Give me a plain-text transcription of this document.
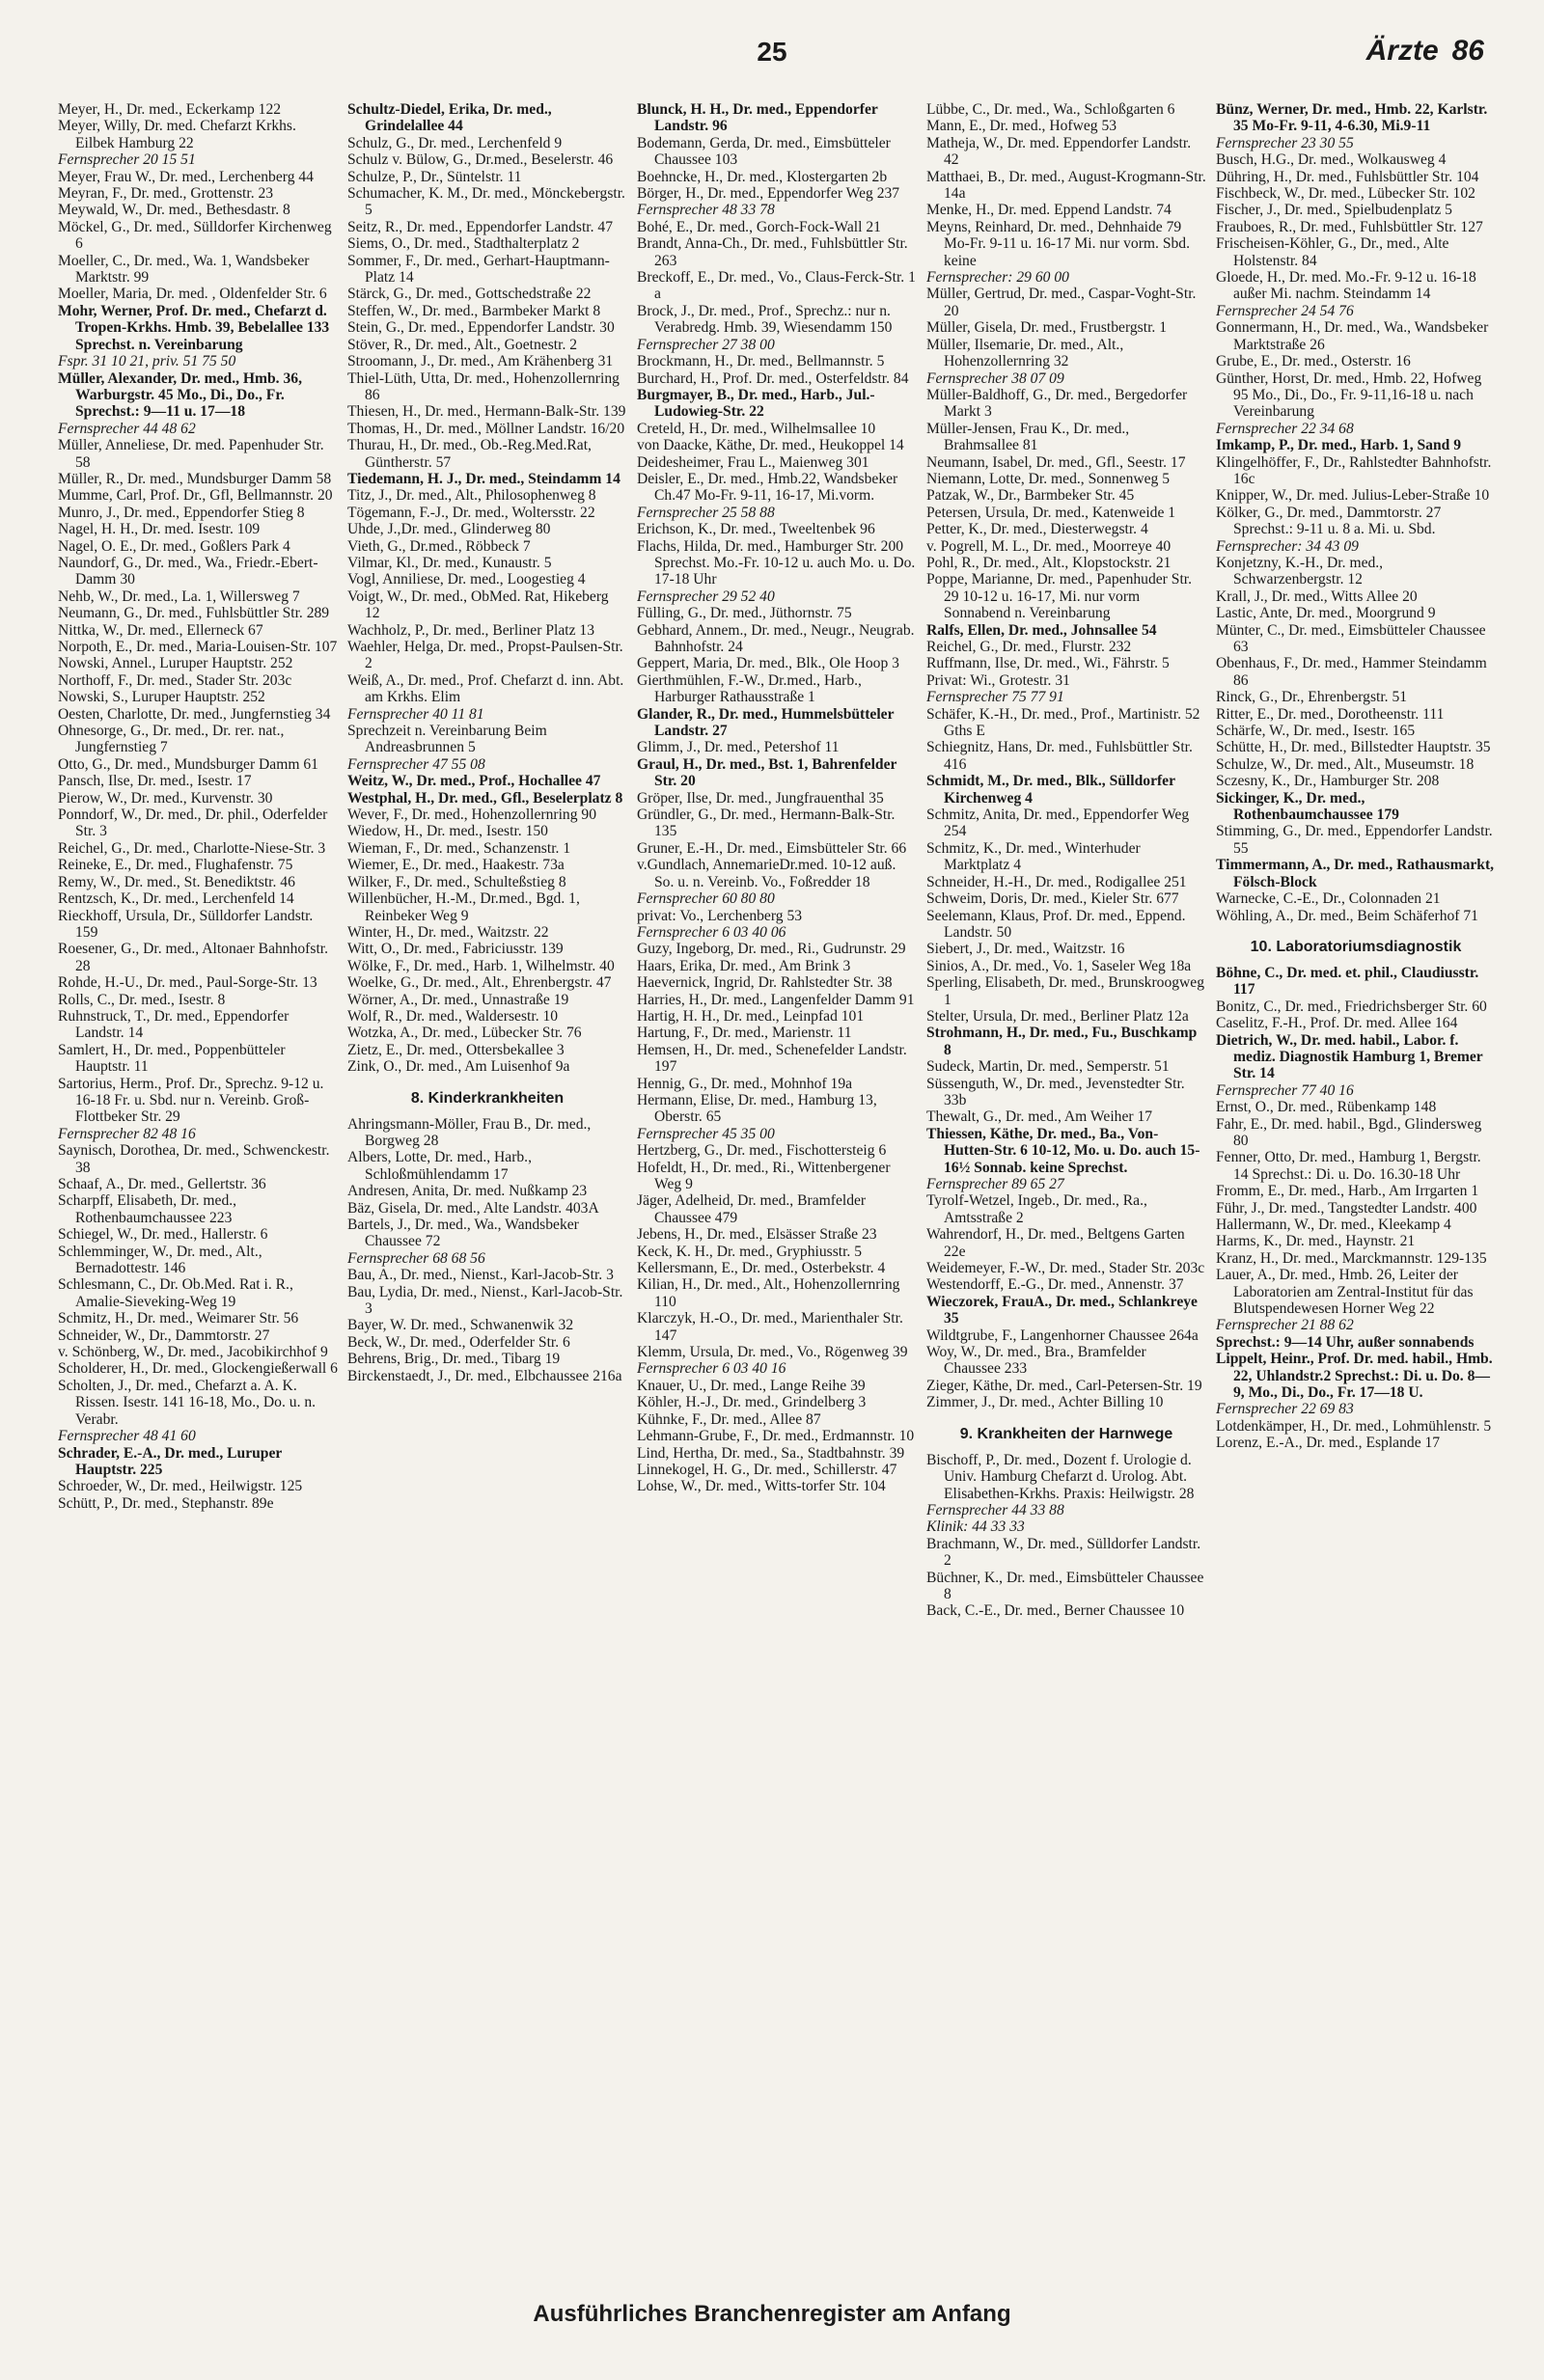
25	Ärzte 86

Meyer, H., Dr. med., Eckerkamp 122

Meyer, Willy, Dr. med. Chefarzt Krkhs. Eilbek Hamburg 22

Fernsprecher 20 15 51

Meyer, Frau W., Dr. med., Lerchenberg 44

Meyran, F., Dr. med., Grottenstr. 23

Meywald, W., Dr. med., Bethesdastr. 8

Möckel, G., Dr. med., Sülldorfer Kirchenweg 6

Moeller, C., Dr. med., Wa. 1, Wandsbeker Marktstr. 99

Moeller, Maria, Dr. med. , Oldenfelder Str. 6

Mohr, Werner, Prof. Dr. med., Chefarzt d. Tropen-Krkhs. Hmb. 39, Bebelallee 133 Sprechst. n. Vereinbarung

Fspr. 31 10 21, priv. 51 75 50

Müller, Alexander, Dr. med., Hmb. 36, Warburgstr. 45 Mo., Di., Do., Fr. Sprechst.: 9—11 u. 17—18

Fernsprecher 44 48 62

Müller, Anneliese, Dr. med. Papenhuder Str. 58

Müller, R., Dr. med., Mundsburger Damm 58

Mumme, Carl, Prof. Dr., Gfl, Bellmannstr. 20

Munro, J., Dr. med., Eppendorfer Stieg 8

Nagel, H. H., Dr. med. Isestr. 109

Nagel, O. E., Dr. med., Goßlers Park 4

Naundorf, G., Dr. med., Wa., Friedr.-Ebert-Damm 30

Nehb, W., Dr. med., La. 1, Willersweg 7

Neumann, G., Dr. med., Fuhlsbüttler Str. 289

Nittka, W., Dr. med., Ellerneck 67

Norpoth, E., Dr. med., Maria-Louisen-Str. 107

Nowski, Annel., Luruper Hauptstr. 252

Northoff, F., Dr. med., Stader Str. 203c

Nowski, S., Luruper Hauptstr. 252

Oesten, Charlotte, Dr. med., Jungfernstieg 34

Ohnesorge, G., Dr. med., Dr. rer. nat., Jungfernstieg 7

Otto, G., Dr. med., Mundsburger Damm 61

Pansch, Ilse, Dr. med., Isestr. 17

Pierow, W., Dr. med., Kurvenstr. 30

Ponndorf, W., Dr. med., Dr. phil., Oderfelder Str. 3

Reichel, G., Dr. med., Charlotte-Niese-Str. 3

Reineke, E., Dr. med., Flughafenstr. 75

Remy, W., Dr. med., St. Benediktstr. 46

Rentzsch, K., Dr. med., Lerchenfeld 14

Rieckhoff, Ursula, Dr., Sülldorfer Landstr. 159

Roesener, G., Dr. med., Altonaer Bahnhofstr. 28

Rohde, H.-U., Dr. med., Paul-Sorge-Str. 13

Rolls, C., Dr. med., Isestr. 8

Ruhnstruck, T., Dr. med., Eppendorfer Landstr. 14

Samlert, H., Dr. med., Poppenbütteler Hauptstr. 11

Sartorius, Herm., Prof. Dr., Sprechz. 9-12 u. 16-18 Fr. u. Sbd. nur n. Vereinb. Groß-Flottbeker Str. 29

Fernsprecher 82 48 16

Saynisch, Dorothea, Dr. med., Schwenckestr. 38

Schaaf, A., Dr. med., Gellertstr. 36

Scharpff, Elisabeth, Dr. med., Rothenbaumchaussee 223

Schiegel, W., Dr. med., Hallerstr. 6

Schlemminger, W., Dr. med., Alt., Bernadottestr. 146

Schlesmann, C., Dr. Ob.Med. Rat i. R., Amalie-Sieveking-Weg 19

Schmitz, H., Dr. med., Weimarer Str. 56

Schneider, W., Dr., Dammtorstr. 27

v. Schönberg, W., Dr. med., Jacobikirchhof 9

Scholderer, H., Dr. med., Glockengießerwall 6

Scholten, J., Dr. med., Chefarzt a. A. K. Rissen. Isestr. 141 16-18, Mo., Do. u. n. Verabr.

Fernsprecher 48 41 60

Schrader, E.-A., Dr. med., Luruper Hauptstr. 225

Schroeder, W., Dr. med., Heilwigstr. 125

Schütt, P., Dr. med., Stephanstr. 89e

Schultz-Diedel, Erika, Dr. med., Grindelallee 44

Schulz, G., Dr. med., Lerchenfeld 9

Schulz v. Bülow, G., Dr.med., Beselerstr. 46

Schulze, P., Dr., Süntelstr. 11

Schumacher, K. M., Dr. med., Mönckebergstr. 5

Seitz, R., Dr. med., Eppendorfer Landstr. 47

Siems, O., Dr. med., Stadthalterplatz 2

Sommer, F., Dr. med., Gerhart-Hauptmann-Platz 14

Stärck, G., Dr. med., Gottschedstraße 22

Steffen, W., Dr. med., Barmbeker Markt 8

Stein, G., Dr. med., Eppendorfer Landstr. 30

Stöver, R., Dr. med., Alt., Goetnestr. 2

Stroomann, J., Dr. med., Am Krähenberg 31

Thiel-Lüth, Utta, Dr. med., Hohenzollernring 86

Thiesen, H., Dr. med., Hermann-Balk-Str. 139

Thomas, H., Dr. med., Möllner Landstr. 16/20

Thurau, H., Dr. med., Ob.-Reg.Med.Rat, Güntherstr. 57

Tiedemann, H. J., Dr. med., Steindamm 14

Titz, J., Dr. med., Alt., Philosophenweg 8

Tögemann, F.-J., Dr. med., Woltersstr. 22

Uhde, J.,Dr. med., Glinderweg 80

Vieth, G., Dr.med., Röbbeck 7

Vilmar, Kl., Dr. med., Kunaustr. 5

Vogl, Anniliese, Dr. med., Loogestieg 4

Voigt, W., Dr. med., ObMed. Rat, Hikeberg 12

Wachholz, P., Dr. med., Berliner Platz 13

Waehler, Helga, Dr. med., Propst-Paulsen-Str. 2

Weiß, A., Dr. med., Prof. Chefarzt d. inn. Abt. am Krkhs. Elim

Fernsprecher 40 11 81

Sprechzeit n. Vereinbarung Beim Andreasbrunnen 5

Fernsprecher 47 55 08

Weitz, W., Dr. med., Prof., Hochallee 47

Westphal, H., Dr. med., Gfl., Beselerplatz 8

Wever, F., Dr. med., Hohenzollernring 90

Wiedow, H., Dr. med., Isestr. 150

Wieman, F., Dr. med., Schanzenstr. 1

Wiemer, E., Dr. med., Haakestr. 73a

Wilker, F., Dr. med., Schulteßstieg 8

Willenbücher, H.-M., Dr.med., Bgd. 1, Reinbeker Weg 9

Winter, H., Dr. med., Waitzstr. 22

Witt, O., Dr. med., Fabriciusstr. 139

Wölke, F., Dr. med., Harb. 1, Wilhelmstr. 40

Woelke, G., Dr. med., Alt., Ehrenbergstr. 47

Wörner, A., Dr. med., Unnastraße 19

Wolf, R., Dr. med., Waldersestr. 10

Wotzka, A., Dr. med., Lübecker Str. 76

Zietz, E., Dr. med., Ottersbekallee 3

Zink, O., Dr. med., Am Luisenhof 9a

8. Kinderkrankheiten

Ahringsmann-Möller, Frau B., Dr. med., Borgweg 28

Albers, Lotte, Dr. med., Harb., Schloßmühlendamm 17

Andresen, Anita, Dr. med. Nußkamp 23

Bäz, Gisela, Dr. med., Alte Landstr. 403A

Bartels, J., Dr. med., Wa., Wandsbeker Chaussee 72

Fernsprecher 68 68 56

Bau, A., Dr. med., Nienst., Karl-Jacob-Str. 3

Bau, Lydia, Dr. med., Nienst., Karl-Jacob-Str. 3

Bayer, W. Dr. med., Schwanenwik 32

Beck, W., Dr. med., Oderfelder Str. 6

Behrens, Brig., Dr. med., Tibarg 19

Birckenstaedt, J., Dr. med., Elbchaussee 216a

Blunck, H. H., Dr. med., Eppendorfer Landstr. 96

Bodemann, Gerda, Dr. med., Eimsbütteler Chaussee 103

Boehncke, H., Dr. med., Klostergarten 2b

Börger, H., Dr. med., Eppendorfer Weg 237

Fernsprecher 48 33 78

Bohé, E., Dr. med., Gorch-Fock-Wall 21

Brandt, Anna-Ch., Dr. med., Fuhlsbüttler Str. 263

Breckoff, E., Dr. med., Vo., Claus-Ferck-Str. 1 a

Brock, J., Dr. med., Prof., Sprechz.: nur n. Verabredg. Hmb. 39, Wiesendamm 150

Fernsprecher 27 38 00

Brockmann, H., Dr. med., Bellmannstr. 5

Burchard, H., Prof. Dr. med., Osterfeldstr. 84

Burgmayer, B., Dr. med., Harb., Jul.-Ludowieg-Str. 22

Creteld, H., Dr. med., Wilhelmsallee 10

von Daacke, Käthe, Dr. med., Heukoppel 14

Deidesheimer, Frau L., Maienweg 301

Deisler, E., Dr. med., Hmb.22, Wandsbeker Ch.47 Mo-Fr. 9-11, 16-17, Mi.vorm.

Fernsprecher 25 58 88

Erichson, K., Dr. med., Tweeltenbek 96

Flachs, Hilda, Dr. med., Hamburger Str. 200 Sprechst. Mo.-Fr. 10-12 u. auch Mo. u. Do. 17-18 Uhr

Fernsprecher 29 52 40

Fülling, G., Dr. med., Jüthornstr. 75

Gebhard, Annem., Dr. med., Neugr., Neugrab. Bahnhofstr. 24

Geppert, Maria, Dr. med., Blk., Ole Hoop 3

Gierthmühlen, F.-W., Dr.med., Harb., Harburger Rathausstraße 1

Glander, R., Dr. med., Hummelsbütteler Landstr. 27

Glimm, J., Dr. med., Petershof 11

Graul, H., Dr. med., Bst. 1, Bahrenfelder Str. 20

Gröper, Ilse, Dr. med., Jungfrauenthal 35

Gründler, G., Dr. med., Hermann-Balk-Str. 135

Gruner, E.-H., Dr. med., Eimsbütteler Str. 66

v.Gundlach, AnnemarieDr.med. 10-12 auß. So. u. n. Vereinb. Vo., Foßredder 18

Fernsprecher 60 80 80

privat: Vo., Lerchenberg 53

Fernsprecher 6 03 40 06

Guzy, Ingeborg, Dr. med., Ri., Gudrunstr. 29

Haars, Erika, Dr. med., Am Brink 3

Haevernick, Ingrid, Dr. Rahlstedter Str. 38

Harries, H., Dr. med., Langenfelder Damm 91

Hartig, H. H., Dr. med., Leinpfad 101

Hartung, F., Dr. med., Marienstr. 11

Hemsen, H., Dr. med., Schenefelder Landstr. 197

Hennig, G., Dr. med., Mohnhof 19a

Hermann, Elise, Dr. med., Hamburg 13, Oberstr. 65

Fernsprecher 45 35 00

Hertzberg, G., Dr. med., Fischottersteig 6

Hofeldt, H., Dr. med., Ri., Wittenbergener Weg 9

Jäger, Adelheid, Dr. med., Bramfelder Chaussee 479

Jebens, H., Dr. med., Elsässer Straße 23

Keck, K. H., Dr. med., Gryphiusstr. 5

Kellersmann, E., Dr. med., Osterbekstr. 4

Kilian, H., Dr. med., Alt., Hohenzollernring 110

Klarczyk, H.-O., Dr. med., Marienthaler Str. 147

Klemm, Ursula, Dr. med., Vo., Rögenweg 39

Fernsprecher 6 03 40 16

Knauer, U., Dr. med., Lange Reihe 39

Köhler, H.-J., Dr. med., Grindelberg 3

Kühnke, F., Dr. med., Allee 87

Lehmann-Grube, F., Dr. med., Erdmannstr. 10

Lind, Hertha, Dr. med., Sa., Stadtbahnstr. 39

Linnekogel, H. G., Dr. med., Schillerstr. 47

Lohse, W., Dr. med., Witts-torfer Str. 104

Lübbe, C., Dr. med., Wa., Schloßgarten 6

Mann, E., Dr. med., Hofweg 53

Matheja, W., Dr. med. Eppendorfer Landstr. 42

Matthaei, B., Dr. med., August-Krogmann-Str. 14a

Menke, H., Dr. med. Eppend Landstr. 74

Meyns, Reinhard, Dr. med., Dehnhaide 79 Mo-Fr. 9-11 u. 16-17 Mi. nur vorm. Sbd. keine

Fernsprecher: 29 60 00

Müller, Gertrud, Dr. med., Caspar-Voght-Str. 20

Müller, Gisela, Dr. med., Frustbergstr. 1

Müller, Ilsemarie, Dr. med., Alt., Hohenzollernring 32

Fernsprecher 38 07 09

Müller-Baldhoff, G., Dr. med., Bergedorfer Markt 3

Müller-Jensen, Frau K., Dr. med., Brahmsallee 81

Neumann, Isabel, Dr. med., Gfl., Seestr. 17

Niemann, Lotte, Dr. med., Sonnenweg 5

Patzak, W., Dr., Barmbeker Str. 45

Petersen, Ursula, Dr. med., Katenweide 1

Petter, K., Dr. med., Diesterwegstr. 4

v. Pogrell, M. L., Dr. med., Moorreye 40

Pohl, R., Dr. med., Alt., Klopstockstr. 21

Poppe, Marianne, Dr. med., Papenhuder Str. 29 10-12 u. 16-17, Mi. nur vorm Sonnabend n. Vereinbarung

Ralfs, Ellen, Dr. med., Johnsallee 54

Reichel, G., Dr. med., Flurstr. 232

Ruffmann, Ilse, Dr. med., Wi., Fährstr. 5

Privat: Wi., Grotestr. 31

Fernsprecher 75 77 91

Schäfer, K.-H., Dr. med., Prof., Martinistr. 52 Gths E

Schiegnitz, Hans, Dr. med., Fuhlsbüttler Str. 416

Schmidt, M., Dr. med., Blk., Sülldorfer Kirchenweg 4

Schmitz, Anita, Dr. med., Eppendorfer Weg 254

Schmitz, K., Dr. med., Winterhuder Marktplatz 4

Schneider, H.-H., Dr. med., Rodigallee 251

Schweim, Doris, Dr. med., Kieler Str. 677

Seelemann, Klaus, Prof. Dr. med., Eppend. Landstr. 50

Siebert, J., Dr. med., Waitzstr. 16

Sinios, A., Dr. med., Vo. 1, Saseler Weg 18a

Sperling, Elisabeth, Dr. med., Brunskroogweg 1

Stelter, Ursula, Dr. med., Berliner Platz 12a

Strohmann, H., Dr. med., Fu., Buschkamp 8

Sudeck, Martin, Dr. med., Semperstr. 51

Süssenguth, W., Dr. med., Jevenstedter Str. 33b

Thewalt, G., Dr. med., Am Weiher 17

Thiessen, Käthe, Dr. med., Ba., Von-Hutten-Str. 6 10-12, Mo. u. Do. auch 15-16½ Sonnab. keine Sprechst.

Fernsprecher 89 65 27

Tyrolf-Wetzel, Ingeb., Dr. med., Ra., Amtsstraße 2

Wahrendorf, H., Dr. med., Beltgens Garten 22e

Weidemeyer, F.-W., Dr. med., Stader Str. 203c

Westendorff, E.-G., Dr. med., Annenstr. 37

Wieczorek, FrauA., Dr. med., Schlankreye 35

Wildtgrube, F., Langenhorner Chaussee 264a

Woy, W., Dr. med., Bra., Bramfelder Chaussee 233

Zieger, Käthe, Dr. med., Carl-Petersen-Str. 19

Zimmer, J., Dr. med., Achter Billing 10

9. Krankheiten der Harnwege

Bischoff, P., Dr. med., Dozent f. Urologie d. Univ. Hamburg Chefarzt d. Urolog. Abt. Elisabethen-Krkhs. Praxis: Heilwigstr. 28

Fernsprecher 44 33 88

Klinik: 44 33 33

Brachmann, W., Dr. med., Sülldorfer Landstr. 2

Büchner, K., Dr. med., Eimsbütteler Chaussee 8

Back, C.-E., Dr. med., Berner Chaussee 10

Bünz, Werner, Dr. med., Hmb. 22, Karlstr. 35 Mo-Fr. 9-11, 4-6.30, Mi.9-11

Fernsprecher 23 30 55

Busch, H.G., Dr. med., Wolkausweg 4

Dühring, H., Dr. med., Fuhlsbüttler Str. 104

Fischbeck, W., Dr. med., Lübecker Str. 102

Fischer, J., Dr. med., Spielbudenplatz 5

Frauboes, R., Dr. med., Fuhlsbüttler Str. 127

Frischeisen-Köhler, G., Dr., med., Alte Holstenstr. 84

Gloede, H., Dr. med. Mo.-Fr. 9-12 u. 16-18 außer Mi. nachm. Steindamm 14

Fernsprecher 24 54 76

Gonnermann, H., Dr. med., Wa., Wandsbeker Marktstraße 26

Grube, E., Dr. med., Osterstr. 16

Günther, Horst, Dr. med., Hmb. 22, Hofweg 95 Mo., Di., Do., Fr. 9-11,16-18 u. nach Vereinbarung

Fernsprecher 22 34 68

Imkamp, P., Dr. med., Harb. 1, Sand 9

Klingelhöffer, F., Dr., Rahlstedter Bahnhofstr. 16c

Knipper, W., Dr. med. Julius-Leber-Straße 10

Kölker, G., Dr. med., Dammtorstr. 27 Sprechst.: 9-11 u. 8 a. Mi. u. Sbd.

Fernsprecher: 34 43 09

Konjetzny, K.-H., Dr. med., Schwarzenbergstr. 12

Krall, J., Dr. med., Witts Allee 20

Lastic, Ante, Dr. med., Moorgrund 9

Münter, C., Dr. med., Eimsbütteler Chaussee 63

Obenhaus, F., Dr. med., Hammer Steindamm 86

Rinck, G., Dr., Ehrenbergstr. 51

Ritter, E., Dr. med., Dorotheenstr. 111

Schärfe, W., Dr. med., Isestr. 165

Schütte, H., Dr. med., Billstedter Hauptstr. 35

Schulze, W., Dr. med., Alt., Museumstr. 18

Sczesny, K., Dr., Hamburger Str. 208

Sickinger, K., Dr. med., Rothenbaumchaussee 179

Stimming, G., Dr. med., Eppendorfer Landstr. 55

Timmermann, A., Dr. med., Rathausmarkt, Fölsch-Block

Warnecke, C.-E., Dr., Colonnaden 21

Wöhling, A., Dr. med., Beim Schäferhof 71

10. Laboratoriumsdiagnostik

Böhne, C., Dr. med. et. phil., Claudiusstr. 117

Bonitz, C., Dr. med., Friedrichsberger Str. 60

Caselitz, F.-H., Prof. Dr. med. Allee 164

Dietrich, W., Dr. med. habil., Labor. f. mediz. Diagnostik Hamburg 1, Bremer Str. 14

Fernsprecher 77 40 16

Ernst, O., Dr. med., Rübenkamp 148

Fahr, E., Dr. med. habil., Bgd., Glindersweg 80

Fenner, Otto, Dr. med., Hamburg 1, Bergstr. 14 Sprechst.: Di. u. Do. 16.30-18 Uhr

Fromm, E., Dr. med., Harb., Am Irrgarten 1

Führ, J., Dr. med., Tangstedter Landstr. 400

Hallermann, W., Dr. med., Kleekamp 4

Harms, K., Dr. med., Haynstr. 21

Kranz, H., Dr. med., Marckmannstr. 129-135

Lauer, A., Dr. med., Hmb. 26, Leiter der Laboratorien am Zentral-Institut für das Blutspendewesen Horner Weg 22

Fernsprecher 21 88 62

Sprechst.: 9—14 Uhr, außer sonnabends

Lippelt, Heinr., Prof. Dr. med. habil., Hmb. 22, Uhlandstr.2 Sprechst.: Di. u. Do. 8—9, Mo., Di., Do., Fr. 17—18 U.

Fernsprecher 22 69 83

Lotdenkämper, H., Dr. med., Lohmühlenstr. 5

Lorenz, E.-A., Dr. med., Esplande 17

Ausführliches Branchenregister am Anfang
